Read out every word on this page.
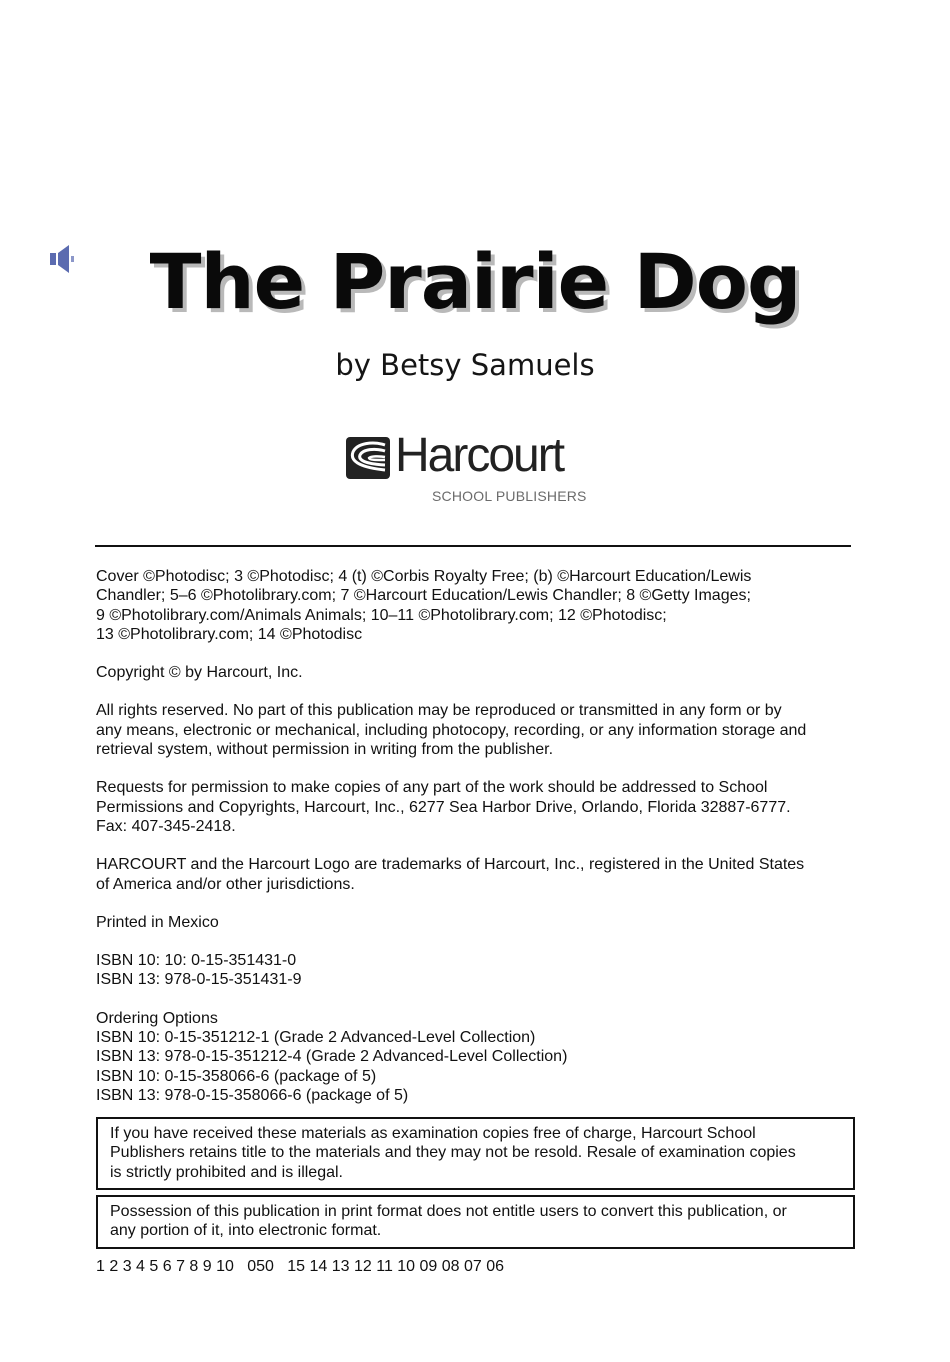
The Prairie Dog
by Betsy Samuels
Harcourt
SCHOOL PUBLISHERS

Cover ©Photodisc; 3 ©Photodisc; 4 (t) ©Corbis Royalty Free; (b) ©Harcourt Education/Lewis
Chandler; 5–6 ©Photolibrary.com; 7 ©Harcourt Education/Lewis Chandler; 8 ©Getty Images;
9 ©Photolibrary.com/Animals Animals; 10–11 ©Photolibrary.com; 12 ©Photodisc;
13 ©Photolibrary.com; 14 ©Photodisc

Copyright © by Harcourt, Inc.

All rights reserved. No part of this publication may be reproduced or transmitted in any form or by
any means, electronic or mechanical, including photocopy, recording, or any information storage and
retrieval system, without permission in writing from the publisher.

Requests for permission to make copies of any part of the work should be addressed to School
Permissions and Copyrights, Harcourt, Inc., 6277 Sea Harbor Drive, Orlando, Florida 32887-6777.
Fax: 407-345-2418.

HARCOURT and the Harcourt Logo are trademarks of Harcourt, Inc., registered in the United States
of America and/or other jurisdictions.

Printed in Mexico

ISBN 10: 10: 0-15-351431-0
ISBN 13: 978-0-15-351431-9

Ordering Options
ISBN 10: 0-15-351212-1 (Grade 2 Advanced-Level Collection)
ISBN 13: 978-0-15-351212-4 (Grade 2 Advanced-Level Collection)
ISBN 10: 0-15-358066-6 (package of 5)
ISBN 13: 978-0-15-358066-6 (package of 5)

If you have received these materials as examination copies free of charge, Harcourt School
Publishers retains title to the materials and they may not be resold. Resale of examination copies
is strictly prohibited and is illegal.
Possession of this publication in print format does not entitle users to convert this publication, or
any portion of it, into electronic format.
1 2 3 4 5 6 7 8 9 10   050   15 14 13 12 11 10 09 08 07 06
